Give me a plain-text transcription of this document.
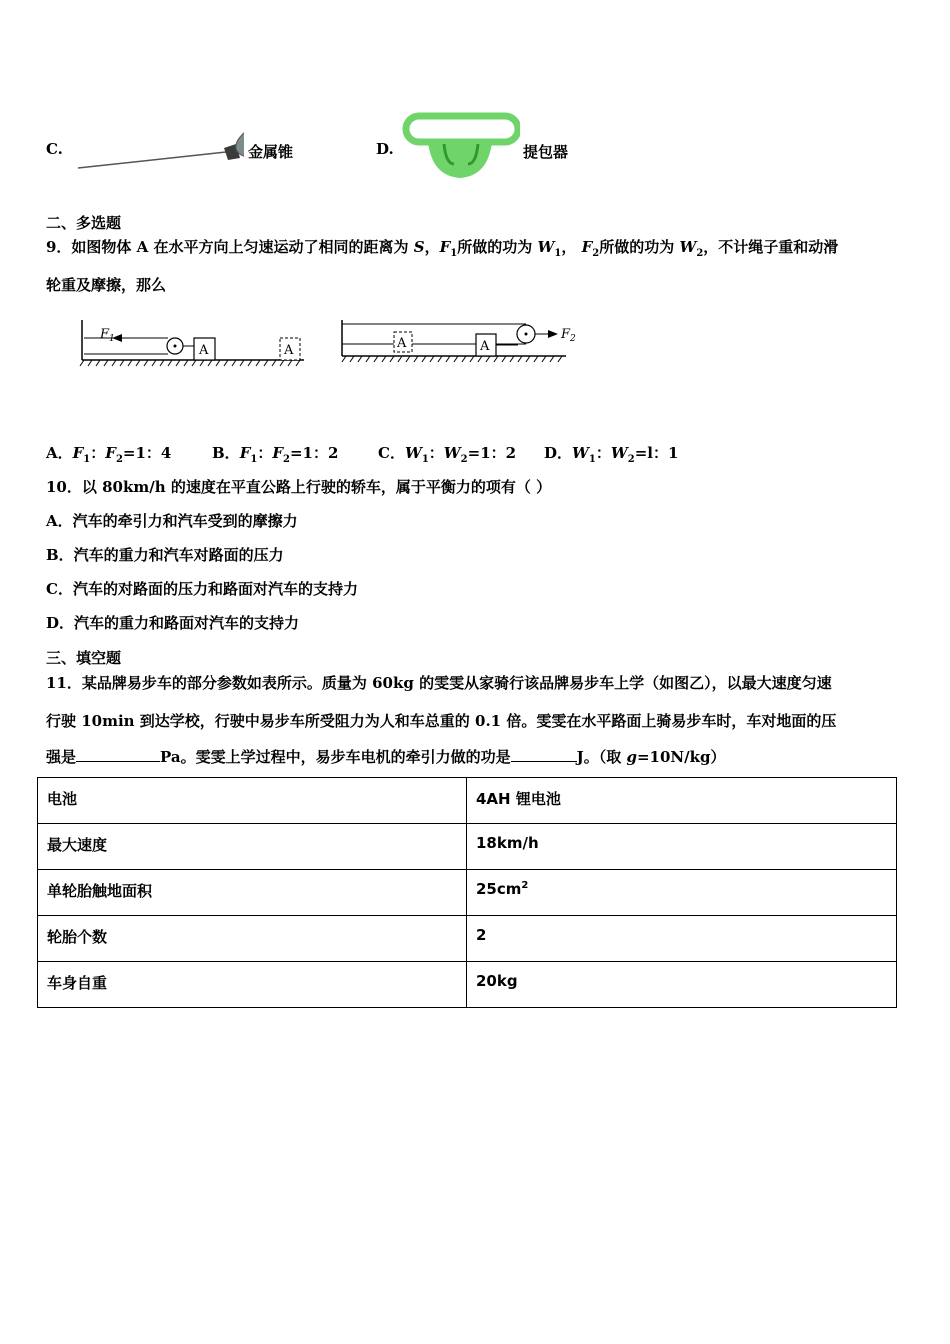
C.	金属锥	D.	提包器
二、多选题
9．如图物体 A 在水平方向上匀速运动了相同的距离为 S，$F_1$所做的功为 $W_1$， $F_2$所做的功为 $W_2$，不计绳子重和动滑
轮重及摩擦，那么
$F_1$
A	A	A	A
$F_2$
A．$F_1$：$F_2=1$：4	B．$F_1$：$F_2=1$：2	C．$W_1$：$W_2=1$：2 D．$W_1$：$W_2=l$：1
10．以 80km/h 的速度在平直公路上行驶的轿车，属于平衡力的项有（ ）
A．汽车的牵引力和汽车受到的摩擦力
B．汽车的重力和汽车对路面的压力
C．汽车的对路面的压力和路面对汽车的支持力
D．汽车的重力和路面对汽车的支持力
三、填空题
11．某品牌易步车的部分参数如表所示。质量为 60kg 的雯雯从家骑行该品牌易步车上学（如图乙），以最大速度匀速
行驶 10min 到达学校，行驶中易步车所受阻力为人和车总重的 0.1 倍。雯雯在水平路面上骑易步车时，车对地面的压
强是	Pa。雯雯上学过程中，易步车电机的牵引力做的功是	J。（取 g=10N/kg）
电池	4AH 锂电池
最大速度	18km/h
单轮胎触地面积	$25cm^2$
轮胎个数	2
车身自重	20kg
